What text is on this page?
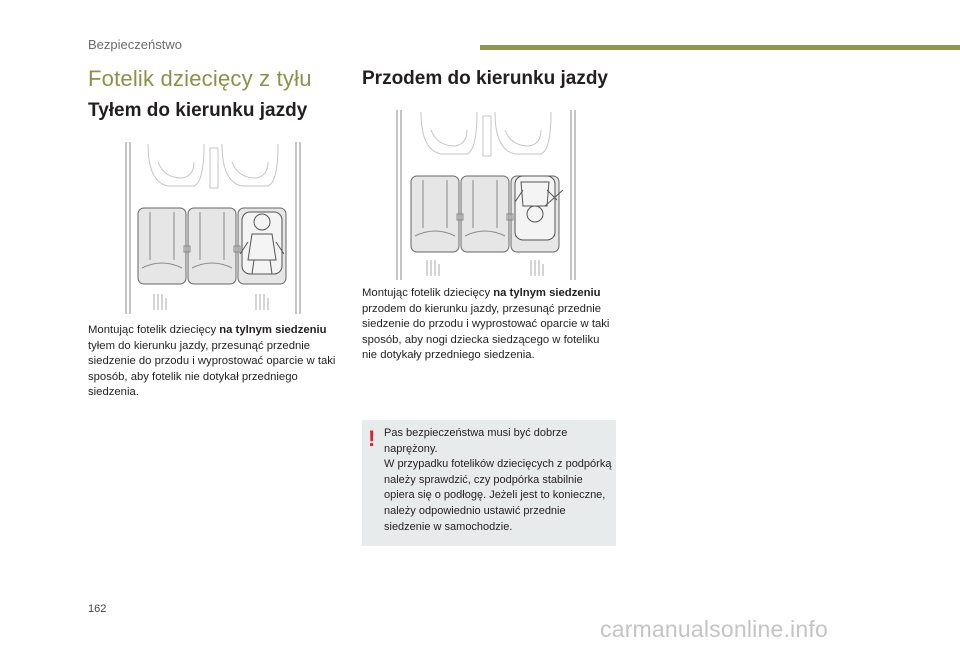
Bezpieczeństwo
Fotelik dziecięcy z tyłu
Tyłem do kierunku jazdy
Przodem do kierunku jazdy

Montując fotelik dziecięcy na tylnym siedzeniu tyłem do kierunku jazdy, przesunąć przednie siedzenie do przodu i wyprostować oparcie w taki sposób, aby fotelik nie dotykał przedniego siedzenia.

Montując fotelik dziecięcy na tylnym siedzeniu przodem do kierunku jazdy, przesunąć przednie siedzenie do przodu i wyprostować oparcie w taki sposób, aby nogi dziecka siedzącego w foteliku nie dotykały przedniego siedzenia.

! Pas bezpieczeństwa musi być dobrze naprężony.
W przypadku fotelików dziecięcych z podpórką należy sprawdzić, czy podpórka stabilnie opiera się o podłogę. Jeżeli jest to konieczne, należy odpowiednio ustawić przednie siedzenie w samochodzie.

162
carmanualsonline.info
